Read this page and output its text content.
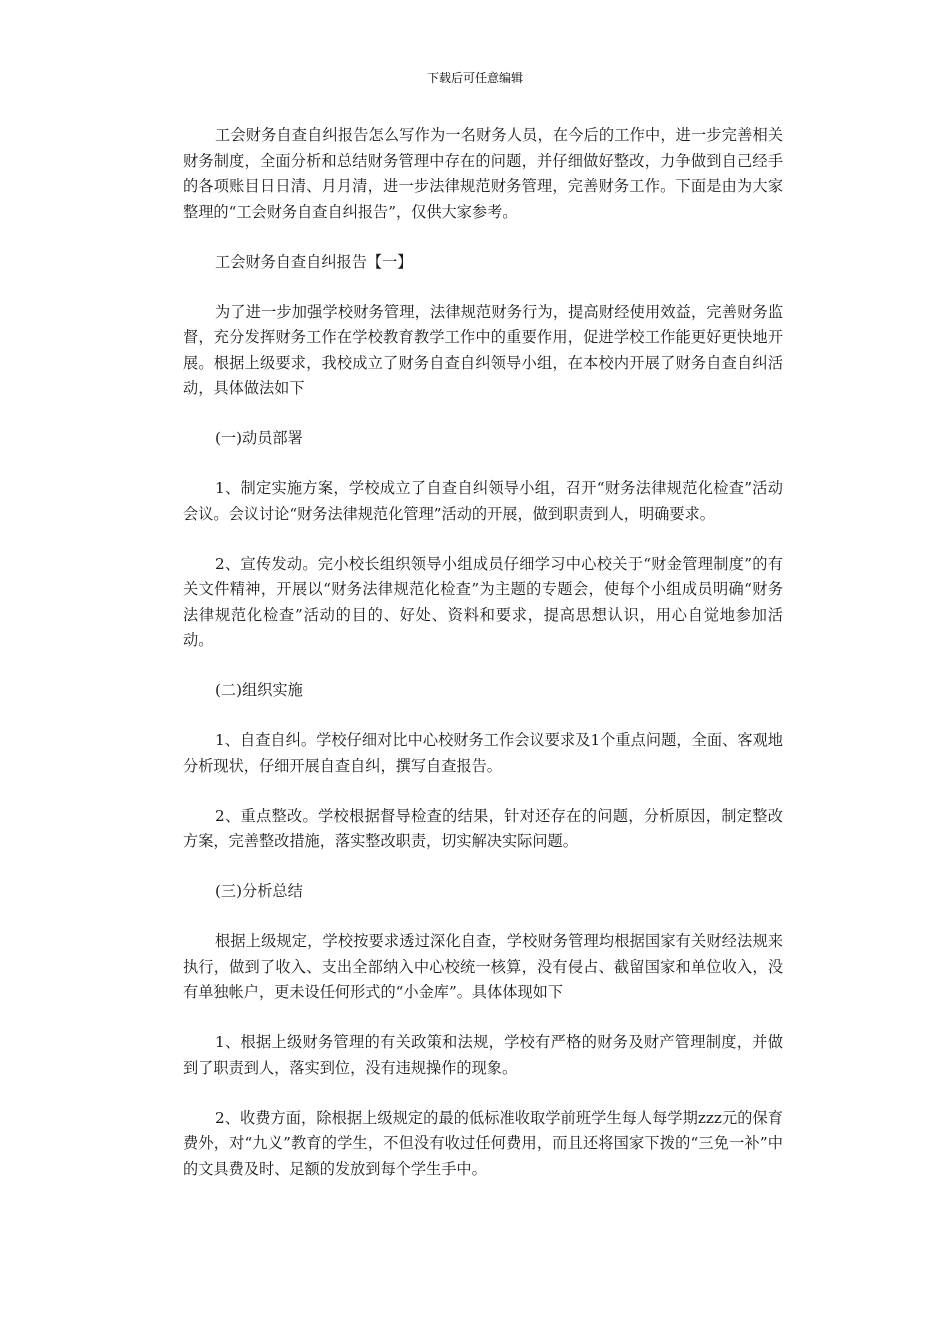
下载后可任意编辑

工会财务自查自纠报告怎么写作为一名财务人员，在今后的工作中，进一步完善相关财务制度，全面分析和总结财务管理中存在的问题，并仔细做好整改，力争做到自己经手的各项账目日日清、月月清，进一步法律规范财务管理，完善财务工作。下面是由为大家整理的“工会财务自查自纠报告”，仅供大家参考。

工会财务自查自纠报告【一】

为了进一步加强学校财务管理，法律规范财务行为，提高财经使用效益，完善财务监督，充分发挥财务工作在学校教育教学工作中的重要作用，促进学校工作能更好更快地开展。根据上级要求，我校成立了财务自查自纠领导小组，在本校内开展了财务自查自纠活动，具体做法如下

(一)动员部署

1、制定实施方案，学校成立了自查自纠领导小组，召开“财务法律规范化检查”活动会议。会议讨论“财务法律规范化管理”活动的开展，做到职责到人，明确要求。

2、宣传发动。完小校长组织领导小组成员仔细学习中心校关于“财金管理制度”的有关文件精神，开展以“财务法律规范化检查”为主题的专题会，使每个小组成员明确“财务法律规范化检查”活动的目的、好处、资料和要求，提高思想认识，用心自觉地参加活动。

(二)组织实施

1、自查自纠。学校仔细对比中心校财务工作会议要求及1个重点问题，全面、客观地分析现状，仔细开展自查自纠，撰写自查报告。

2、重点整改。学校根据督导检查的结果，针对还存在的问题，分析原因，制定整改方案，完善整改措施，落实整改职责，切实解决实际问题。

(三)分析总结

根据上级规定，学校按要求透过深化自查，学校财务管理均根据国家有关财经法规来执行，做到了收入、支出全部纳入中心校统一核算，没有侵占、截留国家和单位收入，没有单独帐户，更未设任何形式的“小金库”。具体体现如下

1、根据上级财务管理的有关政策和法规，学校有严格的财务及财产管理制度，并做到了职责到人，落实到位，没有违规操作的现象。

2、收费方面，除根据上级规定的最的低标准收取学前班学生每人每学期zzz元的保育费外，对“九义”教育的学生，不但没有收过任何费用，而且还将国家下拨的“三免一补”中的文具费及时、足额的发放到每个学生手中。
